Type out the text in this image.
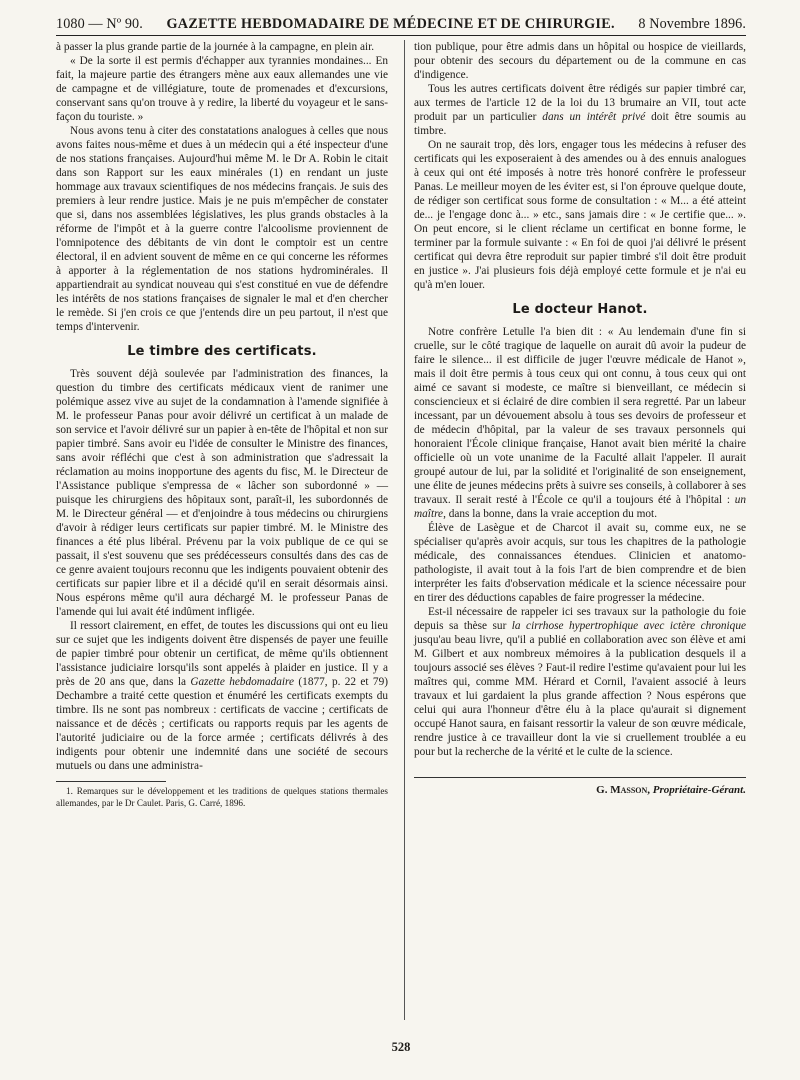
1080 — Nº 90. GAZETTE HEBDOMADAIRE DE MÉDECINE ET DE CHIRURGIE. 8 Novembre 1896.

à passer la plus grande partie de la journée à la campagne, en plein air.

« De la sorte il est permis d'échapper aux tyrannies mondaines... En fait, la majeure partie des étrangers mène aux eaux allemandes une vie de campagne et de villégiature, toute de promenades et d'excursions, conservant sans qu'on trouve à y redire, la liberté du voyageur et le sans-façon du touriste. »

Nous avons tenu à citer des constatations analogues à celles que nous avons faites nous-même et dues à un médecin qui a été inspecteur d'une de nos stations françaises. Aujourd'hui même M. le Dr A. Robin le citait dans son Rapport sur les eaux minérales (1) en rendant un juste hommage aux travaux scientifiques de nos médecins français. Je suis des premiers à leur rendre justice. Mais je ne puis m'empêcher de constater que si, dans nos assemblées législatives, les plus grands obstacles à la réforme de l'impôt et à la guerre contre l'alcoolisme proviennent de l'omnipotence des débitants de vin dont le comptoir est un centre électoral, il en advient souvent de même en ce qui concerne les réformes à apporter à la réglementation de nos stations hydrominérales. Il appartiendrait au syndicat nouveau qui s'est constitué en vue de défendre les intérêts de nos stations françaises de signaler le mal et d'en chercher le remède. Si j'en crois ce que j'entends dire un peu partout, il n'est que temps d'intervenir.

Le timbre des certificats.

Très souvent déjà soulevée par l'administration des finances, la question du timbre des certificats médicaux vient de ranimer une polémique assez vive au sujet de la condamnation à l'amende signifiée à M. le professeur Panas pour avoir délivré un certificat à un malade de son service et l'avoir délivré sur un papier à en-tête de l'hôpital et non sur papier timbré. Sans avoir eu l'idée de consulter le Ministre des finances, sans avoir réfléchi que c'est à son administration que s'adressait la réclamation au moins inopportune des agents du fisc, M. le Directeur de l'Assistance publique s'empressa de « lâcher son subordonné » — puisque les chirurgiens des hôpitaux sont, paraît-il, les subordonnés de M. le Directeur général — et d'enjoindre à tous médecins ou chirurgiens d'avoir à rédiger leurs certificats sur papier timbré. M. le Ministre des finances a été plus libéral. Prévenu par la voix publique de ce qui se passait, il s'est souvenu que ses prédécesseurs consultés dans des cas de ce genre avaient toujours reconnu que les indigents pouvaient obtenir des certificats sur papier libre et il a décidé qu'il en serait désormais ainsi. Nous espérons même qu'il aura déchargé M. le professeur Panas de l'amende qui lui avait été indûment infligée.

Il ressort clairement, en effet, de toutes les discussions qui ont eu lieu sur ce sujet que les indigents doivent être dispensés de payer une feuille de papier timbré pour obtenir un certificat, de même qu'ils obtiennent l'assistance judiciaire lorsqu'ils sont appelés à plaider en justice. Il y a près de 20 ans que, dans la Gazette hebdomadaire (1877, p. 22 et 79) Dechambre a traité cette question et énuméré les certificats exempts du timbre. Ils ne sont pas nombreux : certificats de vaccine ; certificats de naissance et de décès ; certificats ou rapports requis par les agents de l'autorité judiciaire ou de la force armée ; certificats délivrés à des indigents pour obtenir une indemnité dans une société de secours mutuels ou dans une administra-

1. Remarques sur le développement et les traditions de quelques stations thermales allemandes, par le Dr Caulet. Paris, G. Carré, 1896.

tion publique, pour être admis dans un hôpital ou hospice de vieillards, pour obtenir des secours du département ou de la commune en cas d'indigence.

Tous les autres certificats doivent être rédigés sur papier timbré car, aux termes de l'article 12 de la loi du 13 brumaire an VII, tout acte produit par un particulier dans un intérêt privé doit être soumis au timbre.

On ne saurait trop, dès lors, engager tous les médecins à refuser des certificats qui les exposeraient à des amendes ou à des ennuis analogues à ceux qui ont été imposés à notre très honoré confrère le professeur Panas. Le meilleur moyen de les éviter est, si l'on éprouve quelque doute, de rédiger son certificat sous forme de consultation : « M... a été atteint de... je l'engage donc à... » etc., sans jamais dire : « Je certifie que... ». On peut encore, si le client réclame un certificat en bonne forme, le terminer par la formule suivante : « En foi de quoi j'ai délivré le présent certificat qui devra être reproduit sur papier timbré s'il doit être produit en justice ». J'ai plusieurs fois déjà employé cette formule et je n'ai eu qu'à m'en louer.

Le docteur Hanot.

Notre confrère Letulle l'a bien dit : « Au lendemain d'une fin si cruelle, sur le côté tragique de laquelle on aurait dû avoir la pudeur de faire le silence... il est difficile de juger l'œuvre médicale de Hanot », mais il doit être permis à tous ceux qui ont connu, à tous ceux qui ont aimé ce savant si modeste, ce maître si bienveillant, ce médecin si consciencieux et si éclairé de dire combien il sera regretté. Par un labeur incessant, par un dévouement absolu à tous ses devoirs de professeur et de médecin d'hôpital, par la valeur de ses travaux personnels qui honoraient l'École clinique française, Hanot avait bien mérité la chaire officielle où un vote unanime de la Faculté allait l'appeler. Il aurait groupé autour de lui, par la solidité et l'originalité de son enseignement, une élite de jeunes médecins prêts à suivre ses conseils, à collaborer à ses travaux. Il serait resté à l'École ce qu'il a toujours été à l'hôpital : un maître, dans la bonne, dans la vraie acception du mot.

Élève de Lasègue et de Charcot il avait su, comme eux, ne se spécialiser qu'après avoir acquis, sur tous les chapitres de la pathologie médicale, des connaissances étendues. Clinicien et anatomo-pathologiste, il avait tout à la fois l'art de bien comprendre et de bien interpréter les faits d'observation médicale et la science nécessaire pour en tirer des déductions capables de faire progresser la médecine.

Est-il nécessaire de rappeler ici ses travaux sur la pathologie du foie depuis sa thèse sur la cirrhose hypertrophique avec ictère chronique jusqu'au beau livre, qu'il a publié en collaboration avec son élève et ami M. Gilbert et aux nombreux mémoires à la publication desquels il a toujours associé ses élèves ? Faut-il redire l'estime qu'avaient pour lui les maîtres qui, comme MM. Hérard et Cornil, l'avaient associé à leurs travaux et lui gardaient la plus grande affection ? Nous espérons que celui qui aura l'honneur d'être élu à la place qu'aurait si dignement occupé Hanot saura, en faisant ressortir la valeur de son œuvre médicale, rendre justice à ce travailleur dont la vie si cruellement troublée a eu pour but la recherche de la vérité et le culte de la science.

G. Masson, Propriétaire-Gérant.
528
